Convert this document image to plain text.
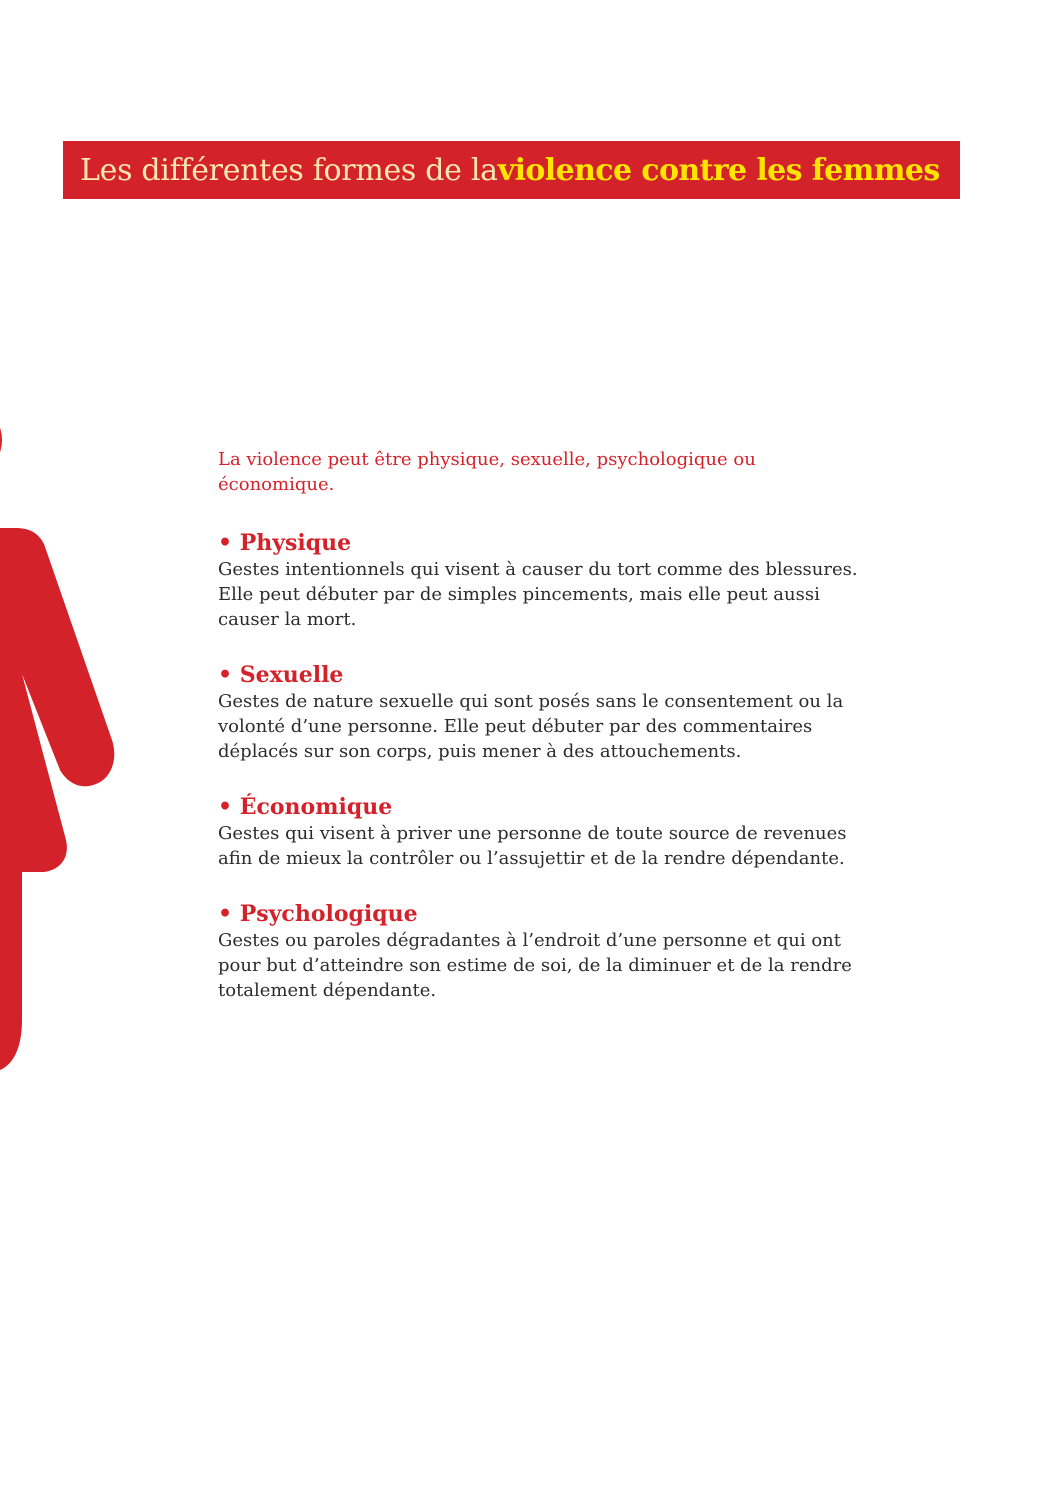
Les différentes formes de la violence contre les femmes

La violence peut être physique, sexuelle, psychologique ou économique.

• Physique

Gestes intentionnels qui visent à causer du tort comme des blessures. Elle peut débuter par de simples pincements, mais elle peut aussi causer la mort.

• Sexuelle

Gestes de nature sexuelle qui sont posés sans le consentement ou la volonté d’une personne. Elle peut débuter par des commentaires déplacés sur son corps, puis mener à des attouchements.

• Économique

Gestes qui visent à priver une personne de toute source de revenues afin de mieux la contrôler ou l’assujettir et de la rendre dépendante.

• Psychologique

Gestes ou paroles dégradantes à l’endroit d’une personne et qui ont pour but d’atteindre son estime de soi, de la diminuer et de la rendre totalement dépendante.
